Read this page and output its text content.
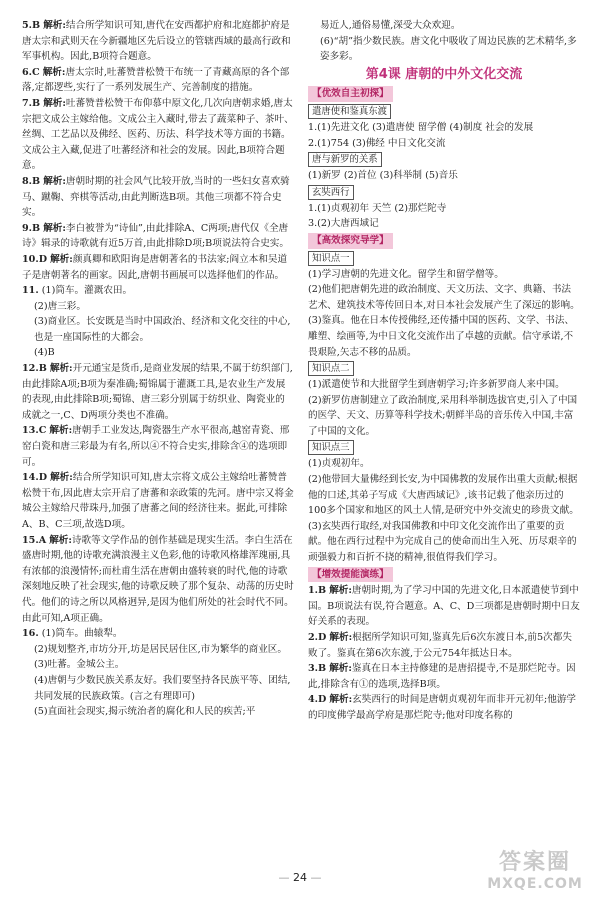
5.B 解析:结合所学知识可知,唐代在安西都护府和北庭都护府是唐太宗和武则天在今新疆地区先后设立的管辖西域的最高行政和军事机构。因此,B项符合题意。

6.C 解析:唐太宗时,吐蕃赞普松赞干布统一了青藏高原的各个部落,定都逻些,实行了一系列发展生产、完善制度的措施。

7.B 解析:吐蕃赞普松赞干布仰慕中原文化,几次向唐朝求婚,唐太宗把文成公主嫁给他。文成公主入藏时,带去了蔬菜种子、茶叶、丝绸、工艺品以及佛经、医药、历法、科学技术等方面的书籍。文成公主入藏,促进了吐蕃经济和社会的发展。因此,B项符合题意。

8.B 解析:唐朝时期的社会风气比较开放,当时的一些妇女喜欢骑马、蹴鞠、弈棋等活动,由此判断选B项。其他三项都不符合史实。

9.B 解析:李白被誉为“诗仙”,由此排除A、C两项;唐代仅《全唐诗》辑录的诗歌就有近5万首,由此排除D项;B项说法符合史实。

10.D 解析:颜真卿和欧阳询是唐朝著名的书法家;阎立本和吴道子是唐朝著名的画家。因此,唐朝书画展可以选择他们的作品。

11. (1)筒车。灌溉农田。

(2)唐三彩。

(3)商业区。长安既是当时中国政治、经济和文化交往的中心,也是一座国际性的大都会。

(4)B

12.B 解析:开元通宝是货币,是商业发展的结果,不属于纺织部门,由此排除A项;B项为秦准确;蜀锦属于灌溉工具,是农业生产发展的表现,由此排除B项;蜀锦、唐三彩分别属于纺织业、陶瓷业的成就之一,C、D两项分类也不准确。

13.C 解析:唐朝手工业发达,陶瓷器生产水平很高,越窑青瓷、邢窑白瓷和唐三彩最为有名,所以④不符合史实,排除含④的选项即可。

14.D 解析:结合所学知识可知,唐太宗将文成公主嫁给吐蕃赞普松赞干布,因此唐太宗开启了唐蕃和亲政策的先河。唐中宗又将金城公主嫁给尺带珠丹,加强了唐蕃之间的经济往来。据此,可排除A、B、C三项,故选D项。

15.A 解析:诗歌等文学作品的创作基础是现实生活。李白生活在盛唐时期,他的诗歌充满浪漫主义色彩,他的诗歌风格雄浑瑰丽,具有浓郁的浪漫情怀;而杜甫生活在唐朝由盛转衰的时代,他的诗歌深刻地反映了社会现实,他的诗歌反映了那个复杂、动荡的历史时代。他们的诗之所以风格迥异,是因为他们所处的社会时代不同。由此可知,A项正确。

16. (1)筒车。曲辕犁。

(2)规划整齐,市坊分开,坊是居民居住区,市为繁华的商业区。

(3)吐蕃。金城公主。

(4)唐朝与少数民族关系友好。我们要坚持各民族平等、团结,共同发展的民族政策。(言之有理即可)

(5)直面社会现实,揭示统治者的腐化和人民的疾苦;平

易近人,通俗易懂,深受大众欢迎。

(6)“胡”指少数民族。唐文化中吸收了周边民族的艺术精华,多姿多彩。

第4课 唐朝的中外文化交流
【优效自主初探】
遣唐使和鉴真东渡

1.(1)先进文化 (3)遣唐使 留学僧 (4)制度 社会的发展

2.(1)754 (3)佛经 中日文化交流

唐与新罗的关系

(1)新罗 (2)首位 (3)科举制 (5)音乐

玄奘西行

1.(1)贞观初年 天竺 (2)那烂陀寺

3.(2)大唐西域记

【高效探究导学】
知识点一

(1)学习唐朝的先进文化。留学生和留学僧等。

(2)他们把唐朝先进的政治制度、天文历法、文字、典籍、书法艺术、建筑技术等传回日本,对日本社会发展产生了深远的影响。

(3)鉴真。他在日本传授佛经,还传播中国的医药、文学、书法、雕塑、绘画等,为中日文化交流作出了卓越的贡献。信守承诺,不畏艰险,矢志不移的品质。

知识点二

(1)派遣使节和大批留学生到唐朝学习;许多新罗商人来中国。

(2)新罗仿唐制建立了政治制度,采用科举制选拔官吏,引入了中国的医学、天文、历算等科学技术;朝鲜半岛的音乐传入中国,丰富了中国的文化。

知识点三

(1)贞观初年。

(2)他带回大量佛经到长安,为中国佛教的发展作出重大贡献;根据他的口述,其弟子写成《大唐西域记》,该书记载了他亲历过的100多个国家和地区的风土人情,是研究中外交流史的珍贵文献。

(3)玄奘西行取经,对我国佛教和中印文化交流作出了重要的贡献。他在西行过程中为完成自己的使命而出生入死、历尽艰辛的顽强毅力和百折不挠的精神,很值得我们学习。

【增效提能演练】

1.B 解析:唐朝时期,为了学习中国的先进文化,日本派遣使节到中国。B项说法有误,符合题意。A、C、D三项都是唐朝时期中日友好关系的表现。

2.D 解析:根据所学知识可知,鉴真先后6次东渡日本,前5次都失败了。鉴真在第6次东渡,于公元754年抵达日本。

3.B 解析:鉴真在日本主持修建的是唐招提寺,不是那烂陀寺。因此,排除含有①的选项,选择B项。

4.D 解析:玄奘西行的时间是唐朝贞观初年而非开元初年;他游学的印度佛学最高学府是那烂陀寺;他对印度名称的

— 24 —
答案圈
MXQE.COM
